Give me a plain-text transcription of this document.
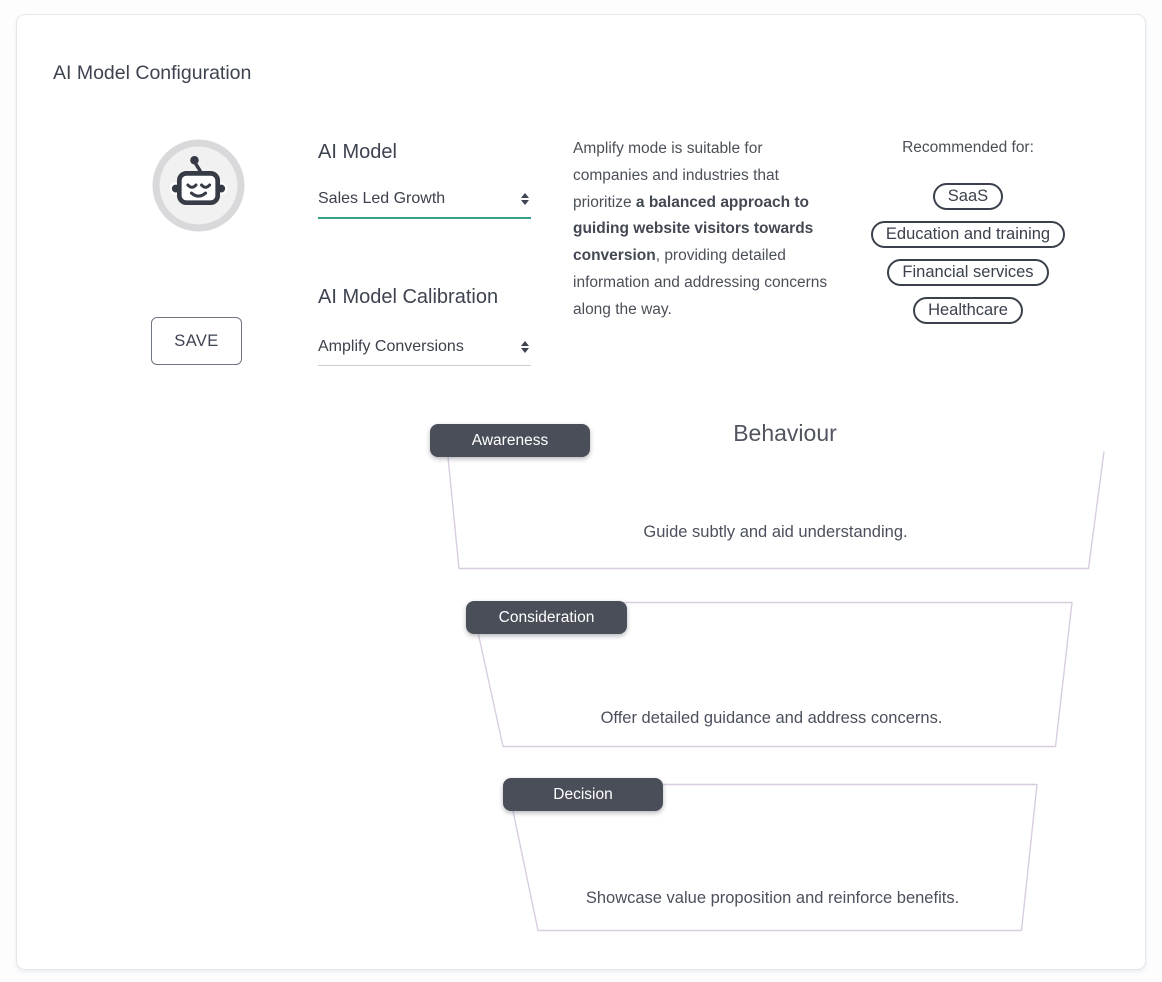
AI Model Configuration
SAVE
AI Model
Sales Led Growth
AI Model Calibration
Amplify Conversions
Amplify mode is suitable for companies and industries that prioritize a balanced approach to guiding website visitors towards conversion, providing detailed information and addressing concerns along the way.
Recommended for:
SaaS
Education and training
Financial services
Healthcare
Behaviour
Awareness
Consideration
Decision
Guide subtly and aid understanding.
Offer detailed guidance and address concerns.
Showcase value proposition and reinforce benefits.
